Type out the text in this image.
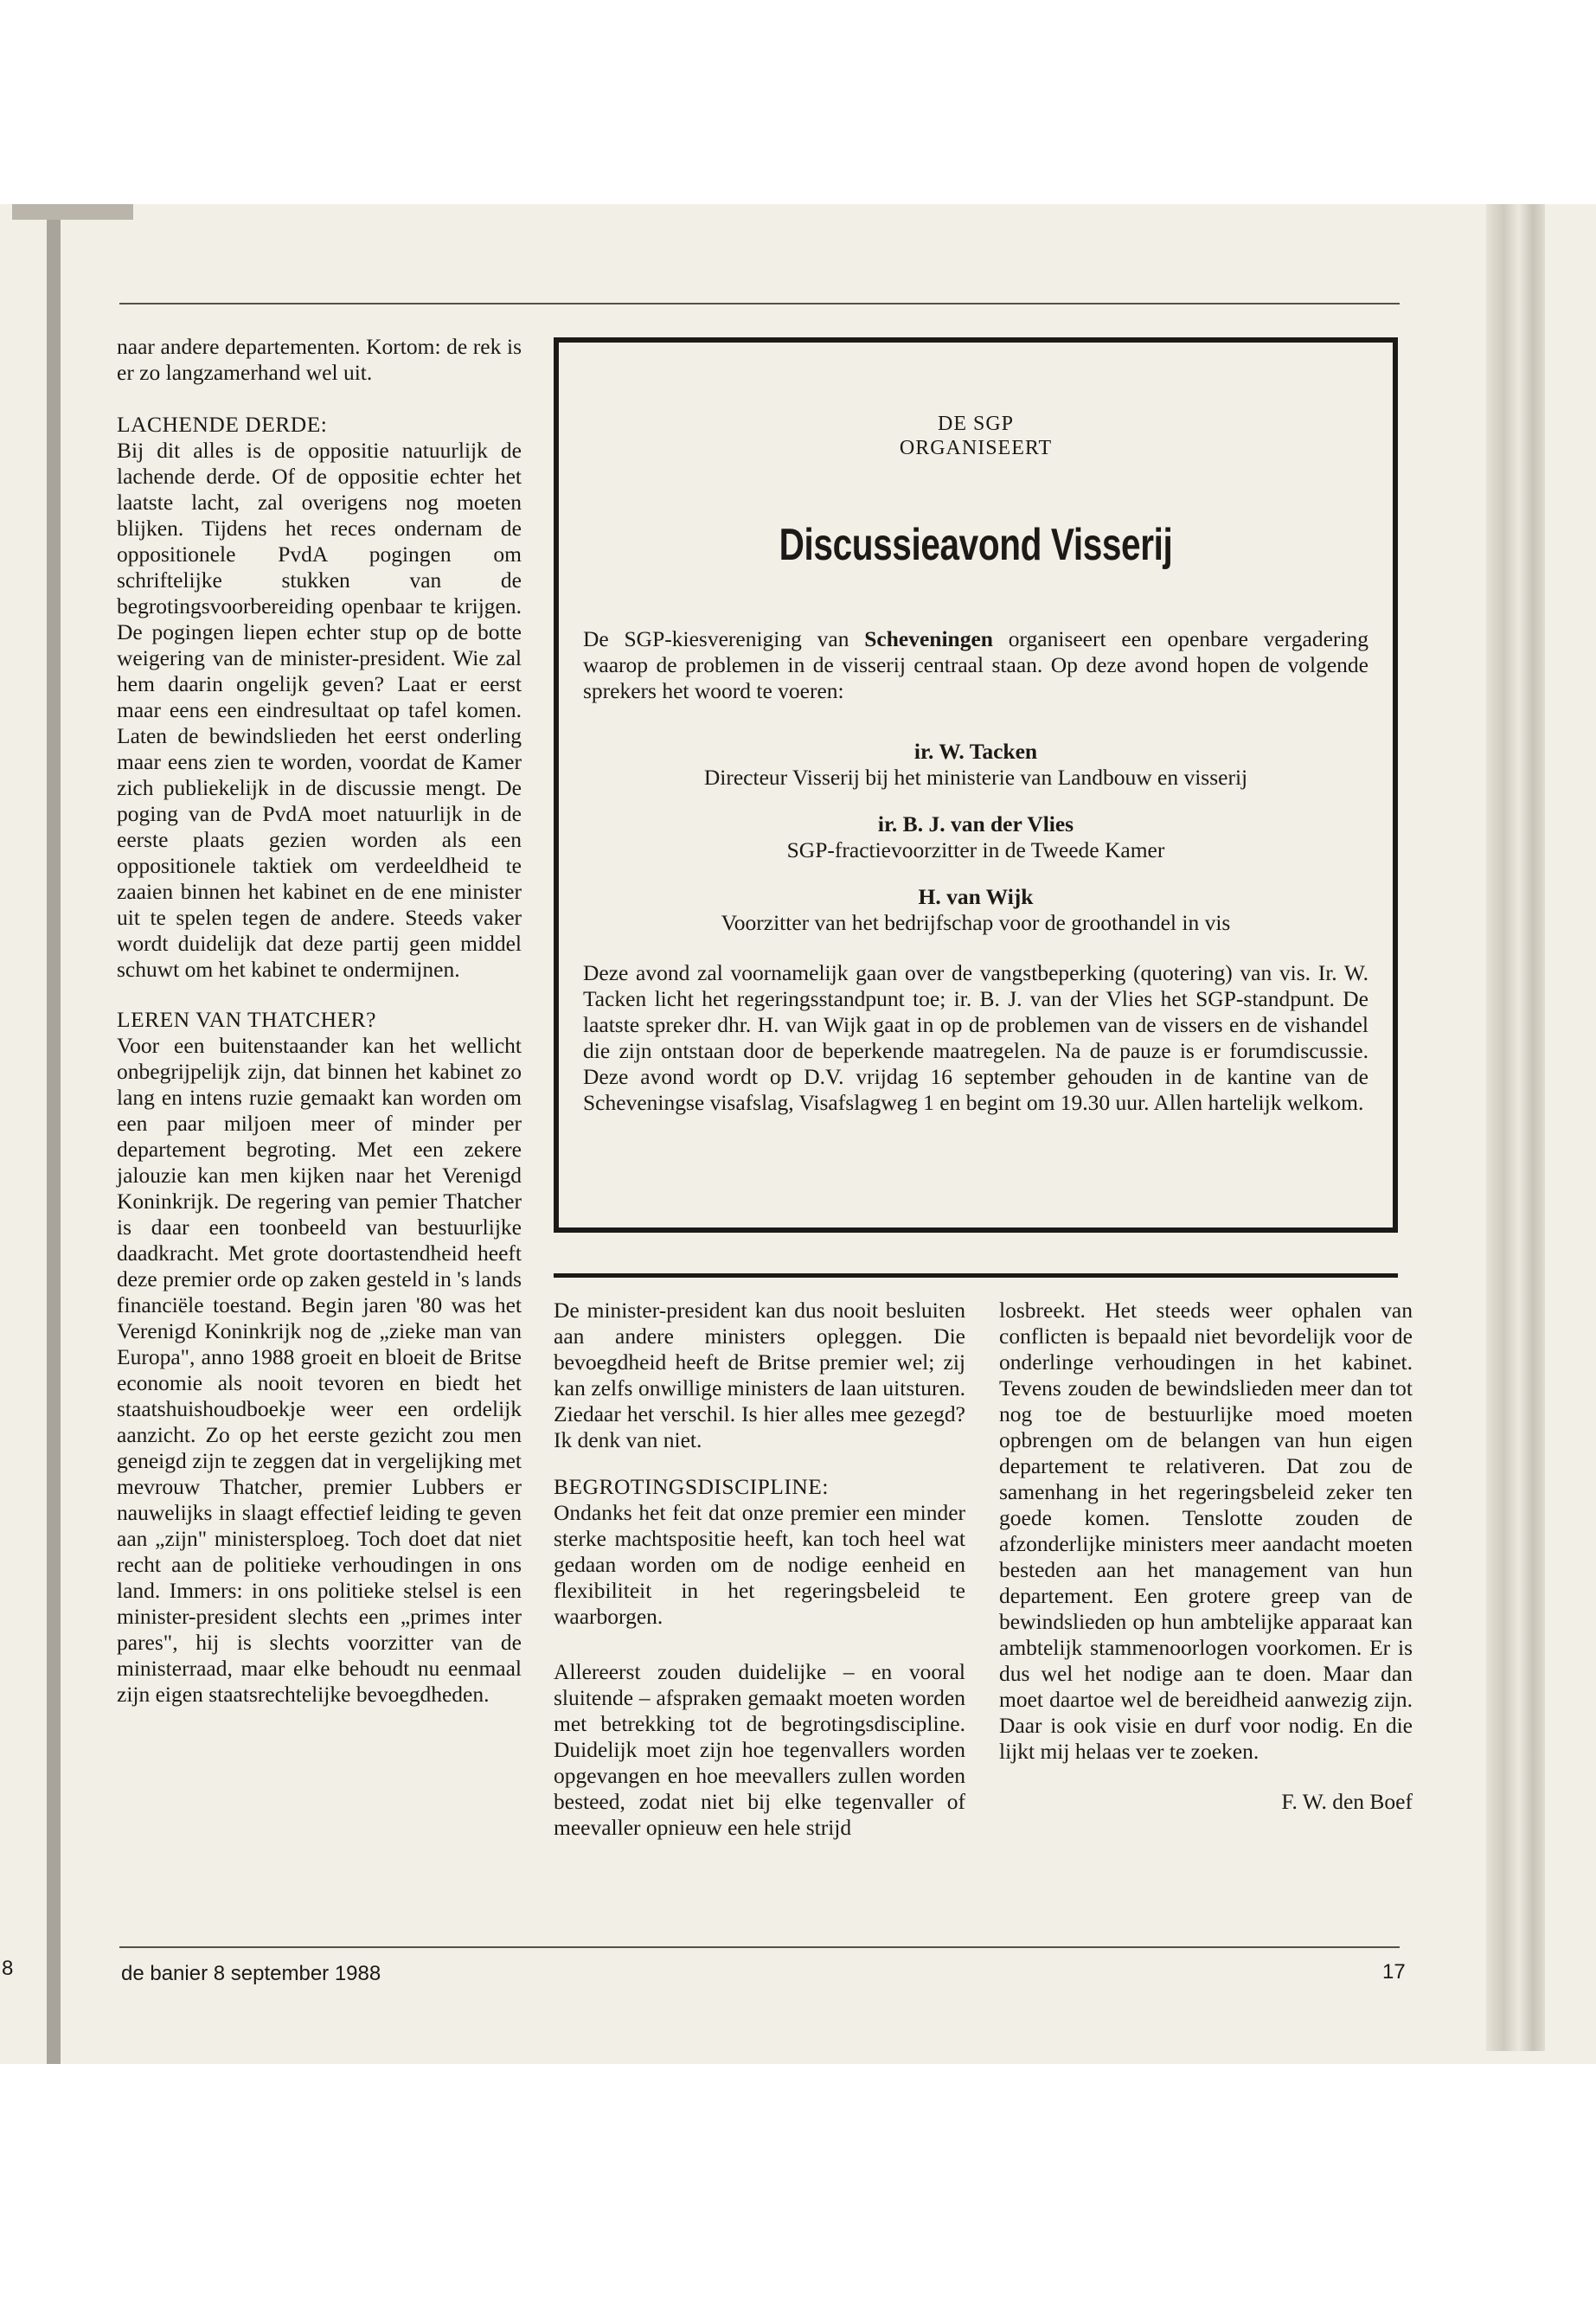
naar andere departementen. Kortom: de rek is er zo langzamerhand wel uit.

LACHENDE DERDE:

Bij dit alles is de oppositie natuurlijk de lachende derde. Of de oppositie echter het laatste lacht, zal overigens nog moeten blijken. Tijdens het reces ondernam de oppositionele PvdA pogingen om schriftelijke stukken van de begrotingsvoorbereiding openbaar te krijgen. De pogingen liepen echter stup op de botte weigering van de minister-president. Wie zal hem daarin ongelijk geven? Laat er eerst maar eens een eindresultaat op tafel komen. Laten de bewindslieden het eerst onderling maar eens zien te worden, voordat de Kamer zich publiekelijk in de discussie mengt. De poging van de PvdA moet natuurlijk in de eerste plaats gezien worden als een oppositionele taktiek om verdeeldheid te zaaien binnen het kabinet en de ene minister uit te spelen tegen de andere. Steeds vaker wordt duidelijk dat deze partij geen middel schuwt om het kabinet te ondermijnen.

LEREN VAN THATCHER?

Voor een buitenstaander kan het wellicht onbegrijpelijk zijn, dat binnen het kabinet zo lang en intens ruzie gemaakt kan worden om een paar miljoen meer of minder per departement begroting. Met een zekere jalouzie kan men kijken naar het Verenigd Koninkrijk. De regering van pemier Thatcher is daar een toonbeeld van bestuurlijke daadkracht. Met grote doortastendheid heeft deze premier orde op zaken gesteld in 's lands financiële toestand. Begin jaren '80 was het Verenigd Koninkrijk nog de „zieke man van Europa", anno 1988 groeit en bloeit de Britse economie als nooit tevoren en biedt het staatshuishoudboekje weer een ordelijk aanzicht. Zo op het eerste gezicht zou men geneigd zijn te zeggen dat in vergelijking met mevrouw Thatcher, premier Lubbers er nauwelijks in slaagt effectief leiding te geven aan „zijn" ministersploeg. Toch doet dat niet recht aan de politieke verhoudingen in ons land. Immers: in ons politieke stelsel is een minister-president slechts een „primes inter pares", hij is slechts voorzitter van de ministerraad, maar elke behoudt nu eenmaal zijn eigen staatsrechtelijke bevoegdheden.

DE SGP
ORGANISEERT
Discussieavond Visserij

De SGP-kiesvereniging van Scheveningen organiseert een openbare vergadering waarop de problemen in de visserij centraal staan. Op deze avond hopen de volgende sprekers het woord te voeren:

ir. W. Tacken
Directeur Visserij bij het ministerie van Landbouw en visserij
ir. B. J. van der Vlies
SGP-fractievoorzitter in de Tweede Kamer
H. van Wijk
Voorzitter van het bedrijfschap voor de groothandel in vis

Deze avond zal voornamelijk gaan over de vangstbeperking (quotering) van vis. Ir. W. Tacken licht het regeringsstandpunt toe; ir. B. J. van der Vlies het SGP-standpunt. De laatste spreker dhr. H. van Wijk gaat in op de problemen van de vissers en de vishandel die zijn ontstaan door de beperkende maatregelen. Na de pauze is er forumdiscussie. Deze avond wordt op D.V. vrijdag 16 september gehouden in de kantine van de Scheveningse visafslag, Visafslagweg 1 en begint om 19.30 uur. Allen hartelijk welkom.

De minister-president kan dus nooit besluiten aan andere ministers opleggen. Die bevoegdheid heeft de Britse premier wel; zij kan zelfs onwillige ministers de laan uitsturen. Ziedaar het verschil. Is hier alles mee gezegd? Ik denk van niet.

BEGROTINGSDISCIPLINE:

Ondanks het feit dat onze premier een minder sterke machtspositie heeft, kan toch heel wat gedaan worden om de nodige eenheid en flexibiliteit in het regeringsbeleid te waarborgen.

Allereerst zouden duidelijke – en vooral sluitende – afspraken gemaakt moeten worden met betrekking tot de begrotingsdiscipline. Duidelijk moet zijn hoe tegenvallers worden opgevangen en hoe meevallers zullen worden besteed, zodat niet bij elke tegenvaller of meevaller opnieuw een hele strijd

losbreekt. Het steeds weer ophalen van conflicten is bepaald niet bevordelijk voor de onderlinge verhoudingen in het kabinet. Tevens zouden de bewindslieden meer dan tot nog toe de bestuurlijke moed moeten opbrengen om de belangen van hun eigen departement te relativeren. Dat zou de samenhang in het regeringsbeleid zeker ten goede komen. Tenslotte zouden de afzonderlijke ministers meer aandacht moeten besteden aan het management van hun departement. Een grotere greep van de bewindslieden op hun ambtelijke apparaat kan ambtelijk stammenoorlogen voorkomen. Er is dus wel het nodige aan te doen. Maar dan moet daartoe wel de bereidheid aanwezig zijn. Daar is ook visie en durf voor nodig. En die lijkt mij helaas ver te zoeken.

F. W. den Boef
de banier 8 september 1988	17
8
